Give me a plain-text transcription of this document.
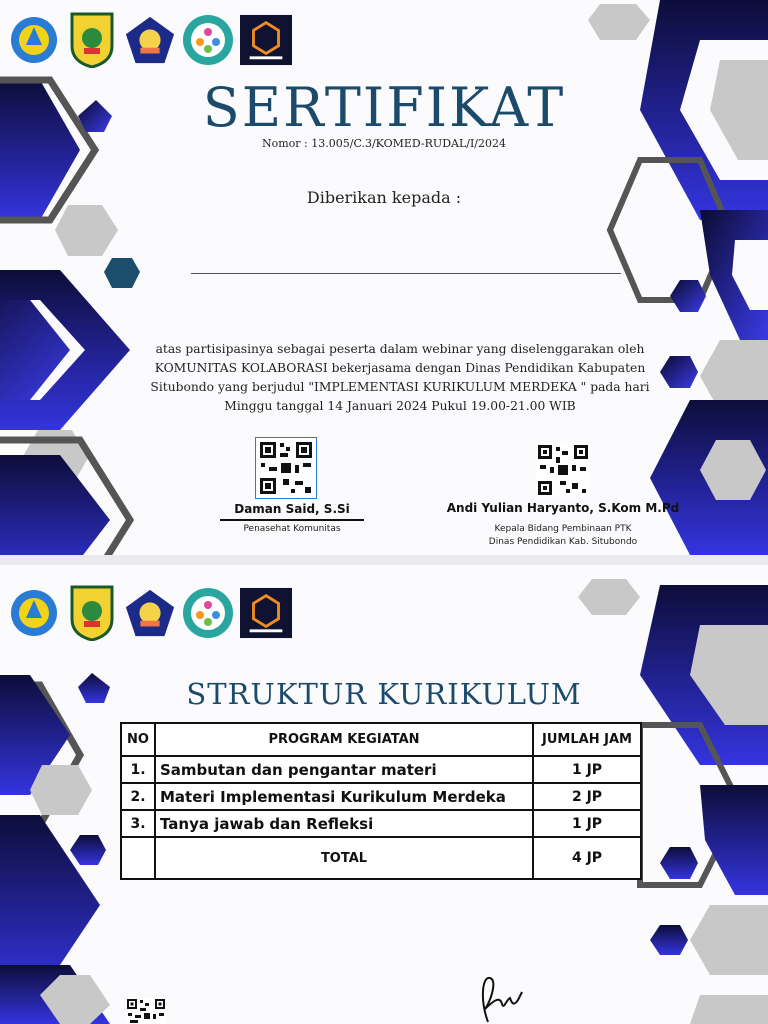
SERTIFIKAT
Nomor : 13.005/C.3/KOMED-RUDAL/I/2024
Diberikan kepada :
atas partisipasinya sebagai peserta dalam webinar yang diselenggarakan oleh KOMUNITAS KOLABORASI bekerjasama dengan Dinas Pendidikan Kabupaten Situbondo yang berjudul "IMPLEMENTASI KURIKULUM MERDEKA " pada hari Minggu tanggal 14 Januari 2024 Pukul 19.00-21.00 WIB
Daman Said, S.Si
Penasehat Komunitas
Andi Yulian Haryanto, S.Kom M.Pd
Kepala Bidang Pembinaan PTK
Dinas Pendidikan Kab. Situbondo
STRUKTUR KURIKULUM
NO	PROGRAM KEGIATAN	JUMLAH JAM
1.	Sambutan dan pengantar materi	1 JP
2.	Materi Implementasi Kurikulum Merdeka	2 JP
3.	Tanya jawab dan Refleksi	1 JP
	TOTAL	4 JP
